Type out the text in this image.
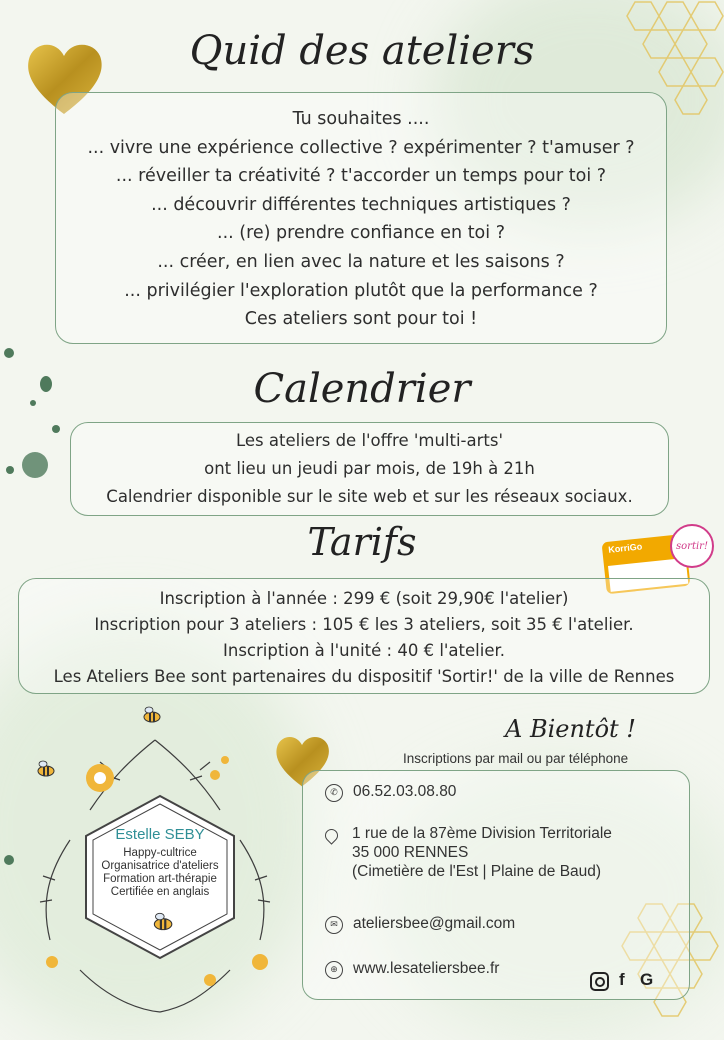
Quid des ateliers
Tu souhaites ....
... vivre une expérience collective ? expérimenter ? t'amuser ?
... réveiller ta créativité ? t'accorder un temps pour toi ?
... découvrir différentes techniques artistiques ?
... (re) prendre confiance en toi ?
... créer, en lien avec la nature et les saisons ?
... privilégier l'exploration plutôt que la performance ?
Ces ateliers sont pour toi !
Calendrier
Les ateliers de l'offre 'multi-arts'
ont lieu un jeudi par mois, de 19h à 21h
Calendrier disponible sur le site web et sur les réseaux sociaux.
Tarifs	KorriGo	sortir!
Inscription à l'année : 299 € (soit 29,90€ l'atelier)
Inscription pour 3 ateliers : 105 € les 3 ateliers, soit 35 € l'atelier.
Inscription à l'unité : 40 € l'atelier.
Les Ateliers Bee sont partenaires du dispositif 'Sortir!' de la ville de Rennes
Estelle SEBY
Happy-cultrice
Organisatrice d'ateliers
Formation art-thérapie
Certifiée en anglais
A Bientôt !
Inscriptions par mail ou par téléphone
✆ 06.52.03.08.80
1 rue de la 87ème Division Territoriale
35 000 RENNES
(Cimetière de l'Est | Plaine de Baud)
✉ ateliersbee@gmail.com
⊕ www.lesateliersbee.fr
f G
